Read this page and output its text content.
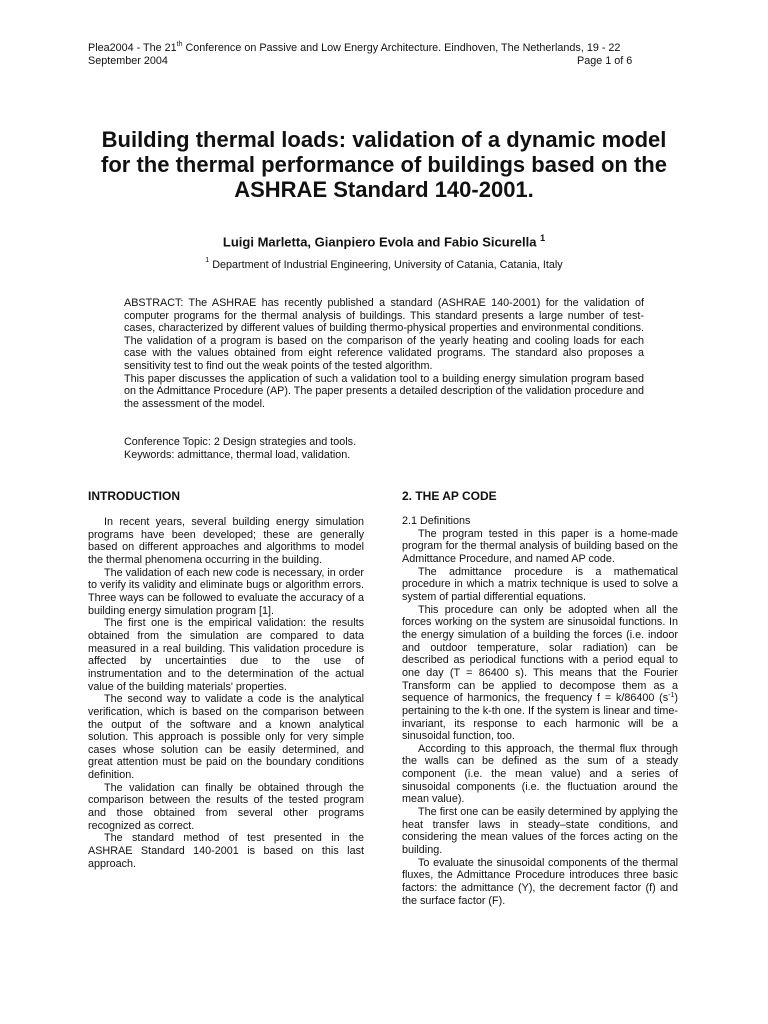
Plea2004 - The 21th Conference on Passive and Low Energy Architecture. Eindhoven, The Netherlands, 19 - 22
September 2004	Page 1 of 6
Building thermal loads: validation of a dynamic model for the thermal performance of buildings based on the ASHRAE Standard 140-2001.
Luigi Marletta, Gianpiero Evola and Fabio Sicurella $^1$
$^1$ Department of Industrial Engineering, University of Catania, Catania, Italy

ABSTRACT: The ASHRAE has recently published a standard (ASHRAE 140-2001) for the validation of computer programs for the thermal analysis of buildings. This standard presents a large number of test-cases, characterized by different values of building thermo-physical properties and environmental conditions. The validation of a program is based on the comparison of the yearly heating and cooling loads for each case with the values obtained from eight reference validated programs. The standard also proposes a sensitivity test to find out the weak points of the tested algorithm.

This paper discusses the application of such a validation tool to a building energy simulation program based on the Admittance Procedure (AP). The paper presents a detailed description of the validation procedure and the assessment of the model.

Conference Topic: 2 Design strategies and tools.

Keywords: admittance, thermal load, validation.

INTRODUCTION

In recent years, several building energy simulation programs have been developed; these are generally based on different approaches and algorithms to model the thermal phenomena occurring in the building.

The validation of each new code is necessary, in order to verify its validity and eliminate bugs or algorithm errors. Three ways can be followed to evaluate the accuracy of a building energy simulation program [1].

The first one is the empirical validation: the results obtained from the simulation are compared to data measured in a real building. This validation procedure is affected by uncertainties due to the use of instrumentation and to the determination of the actual value of the building materials' properties.

The second way to validate a code is the analytical verification, which is based on the comparison between the output of the software and a known analytical solution. This approach is possible only for very simple cases whose solution can be easily determined, and great attention must be paid on the boundary conditions definition.

The validation can finally be obtained through the comparison between the results of the tested program and those obtained from several other programs recognized as correct.

The standard method of test presented in the ASHRAE Standard 140-2001 is based on this last approach.

2. THE AP CODE

2.1 Definitions

The program tested in this paper is a home-made program for the thermal analysis of building based on the Admittance Procedure, and named AP code.

The admittance procedure is a mathematical procedure in which a matrix technique is used to solve a system of partial differential equations.

This procedure can only be adopted when all the forces working on the system are sinusoidal functions. In the energy simulation of a building the forces (i.e. indoor and outdoor temperature, solar radiation) can be described as periodical functions with a period equal to one day (T = 86400 s). This means that the Fourier Transform can be applied to decompose them as a sequence of harmonics, the frequency f = k/86400 $(s^{-1})$ pertaining to the k-th one. If the system is linear and time-invariant, its response to each harmonic will be a sinusoidal function, too.

According to this approach, the thermal flux through the walls can be defined as the sum of a steady component (i.e. the mean value) and a series of sinusoidal components (i.e. the fluctuation around the mean value).

The first one can be easily determined by applying the heat transfer laws in steady–state conditions, and considering the mean values of the forces acting on the building.

To evaluate the sinusoidal components of the thermal fluxes, the Admittance Procedure introduces three basic factors: the admittance (Y), the decrement factor (f) and the surface factor (F).
